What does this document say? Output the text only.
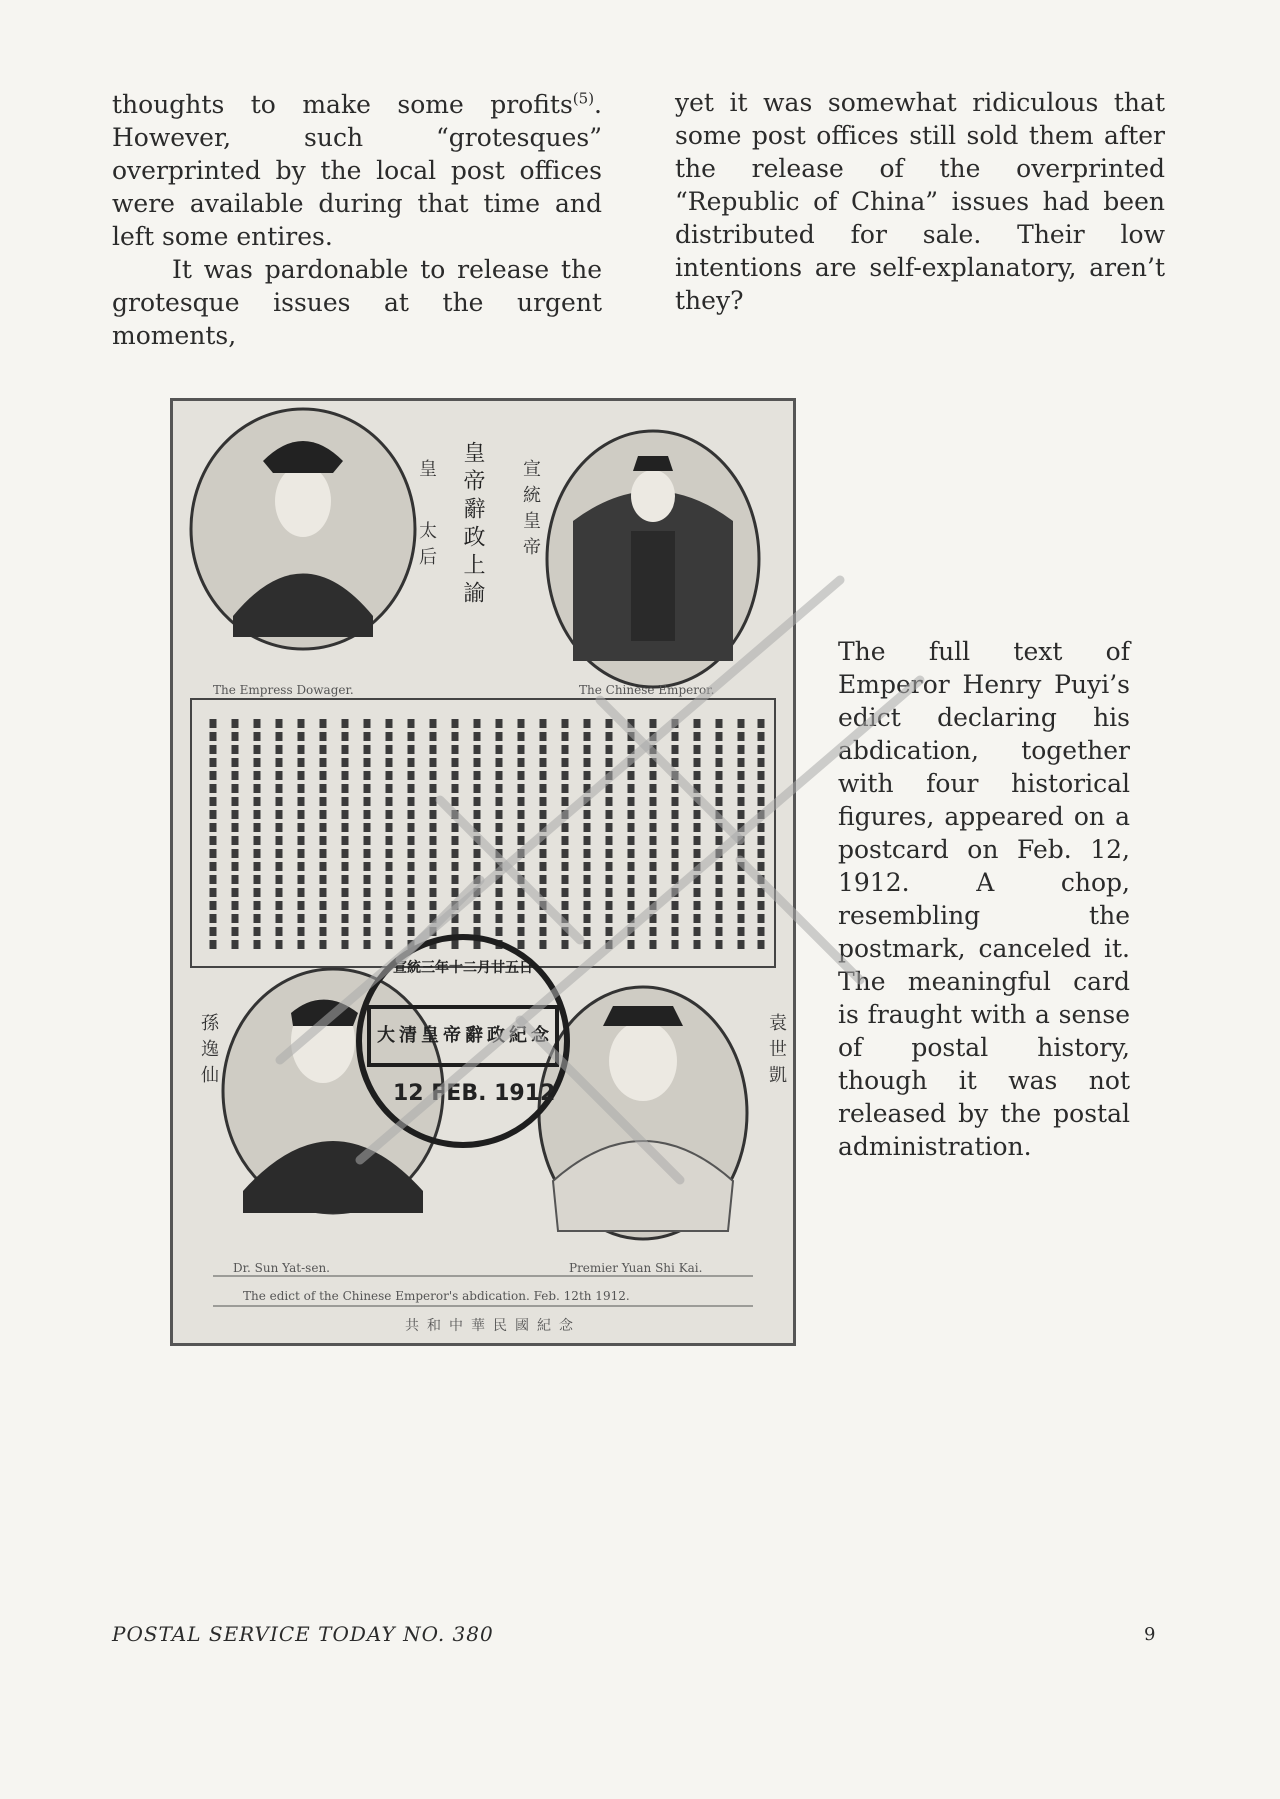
thoughts to make some profits$^{(5)}$. However, such “grotesques” overprinted by the local post offices were available during that time and left some entires.

It was pardonable to release the grotesque issues at the urgent moments,

yet it was somewhat ridiculous that some post offices still sold them after the release of the overprinted “Republic of China” issues had been distributed for sale. Their low intentions are self-explanatory, aren’t they?

皇帝辭政上諭
皇
太后	宣統皇帝
The Empress Dowager.	The Chinese Emperor.
孫逸仙	袁世凱
宣統三年十二月廿五日
大清皇帝辭政紀念
12 FEB. 1912
Dr. Sun Yat-sen.	Premier Yuan Shi Kai.
The edict of the Chinese Emperor's abdication. Feb. 12th 1912.
共和中華民國紀念
The full text of Emperor Henry Puyi’s edict declaring his abdication, together with four historical figures, appeared on a postcard on Feb. 12, 1912. A chop, resembling the postmark, canceled it. The meaningful card is fraught with a sense of postal history, though it was not released by the postal administration.
POSTAL SERVICE TODAY NO. 380	9
